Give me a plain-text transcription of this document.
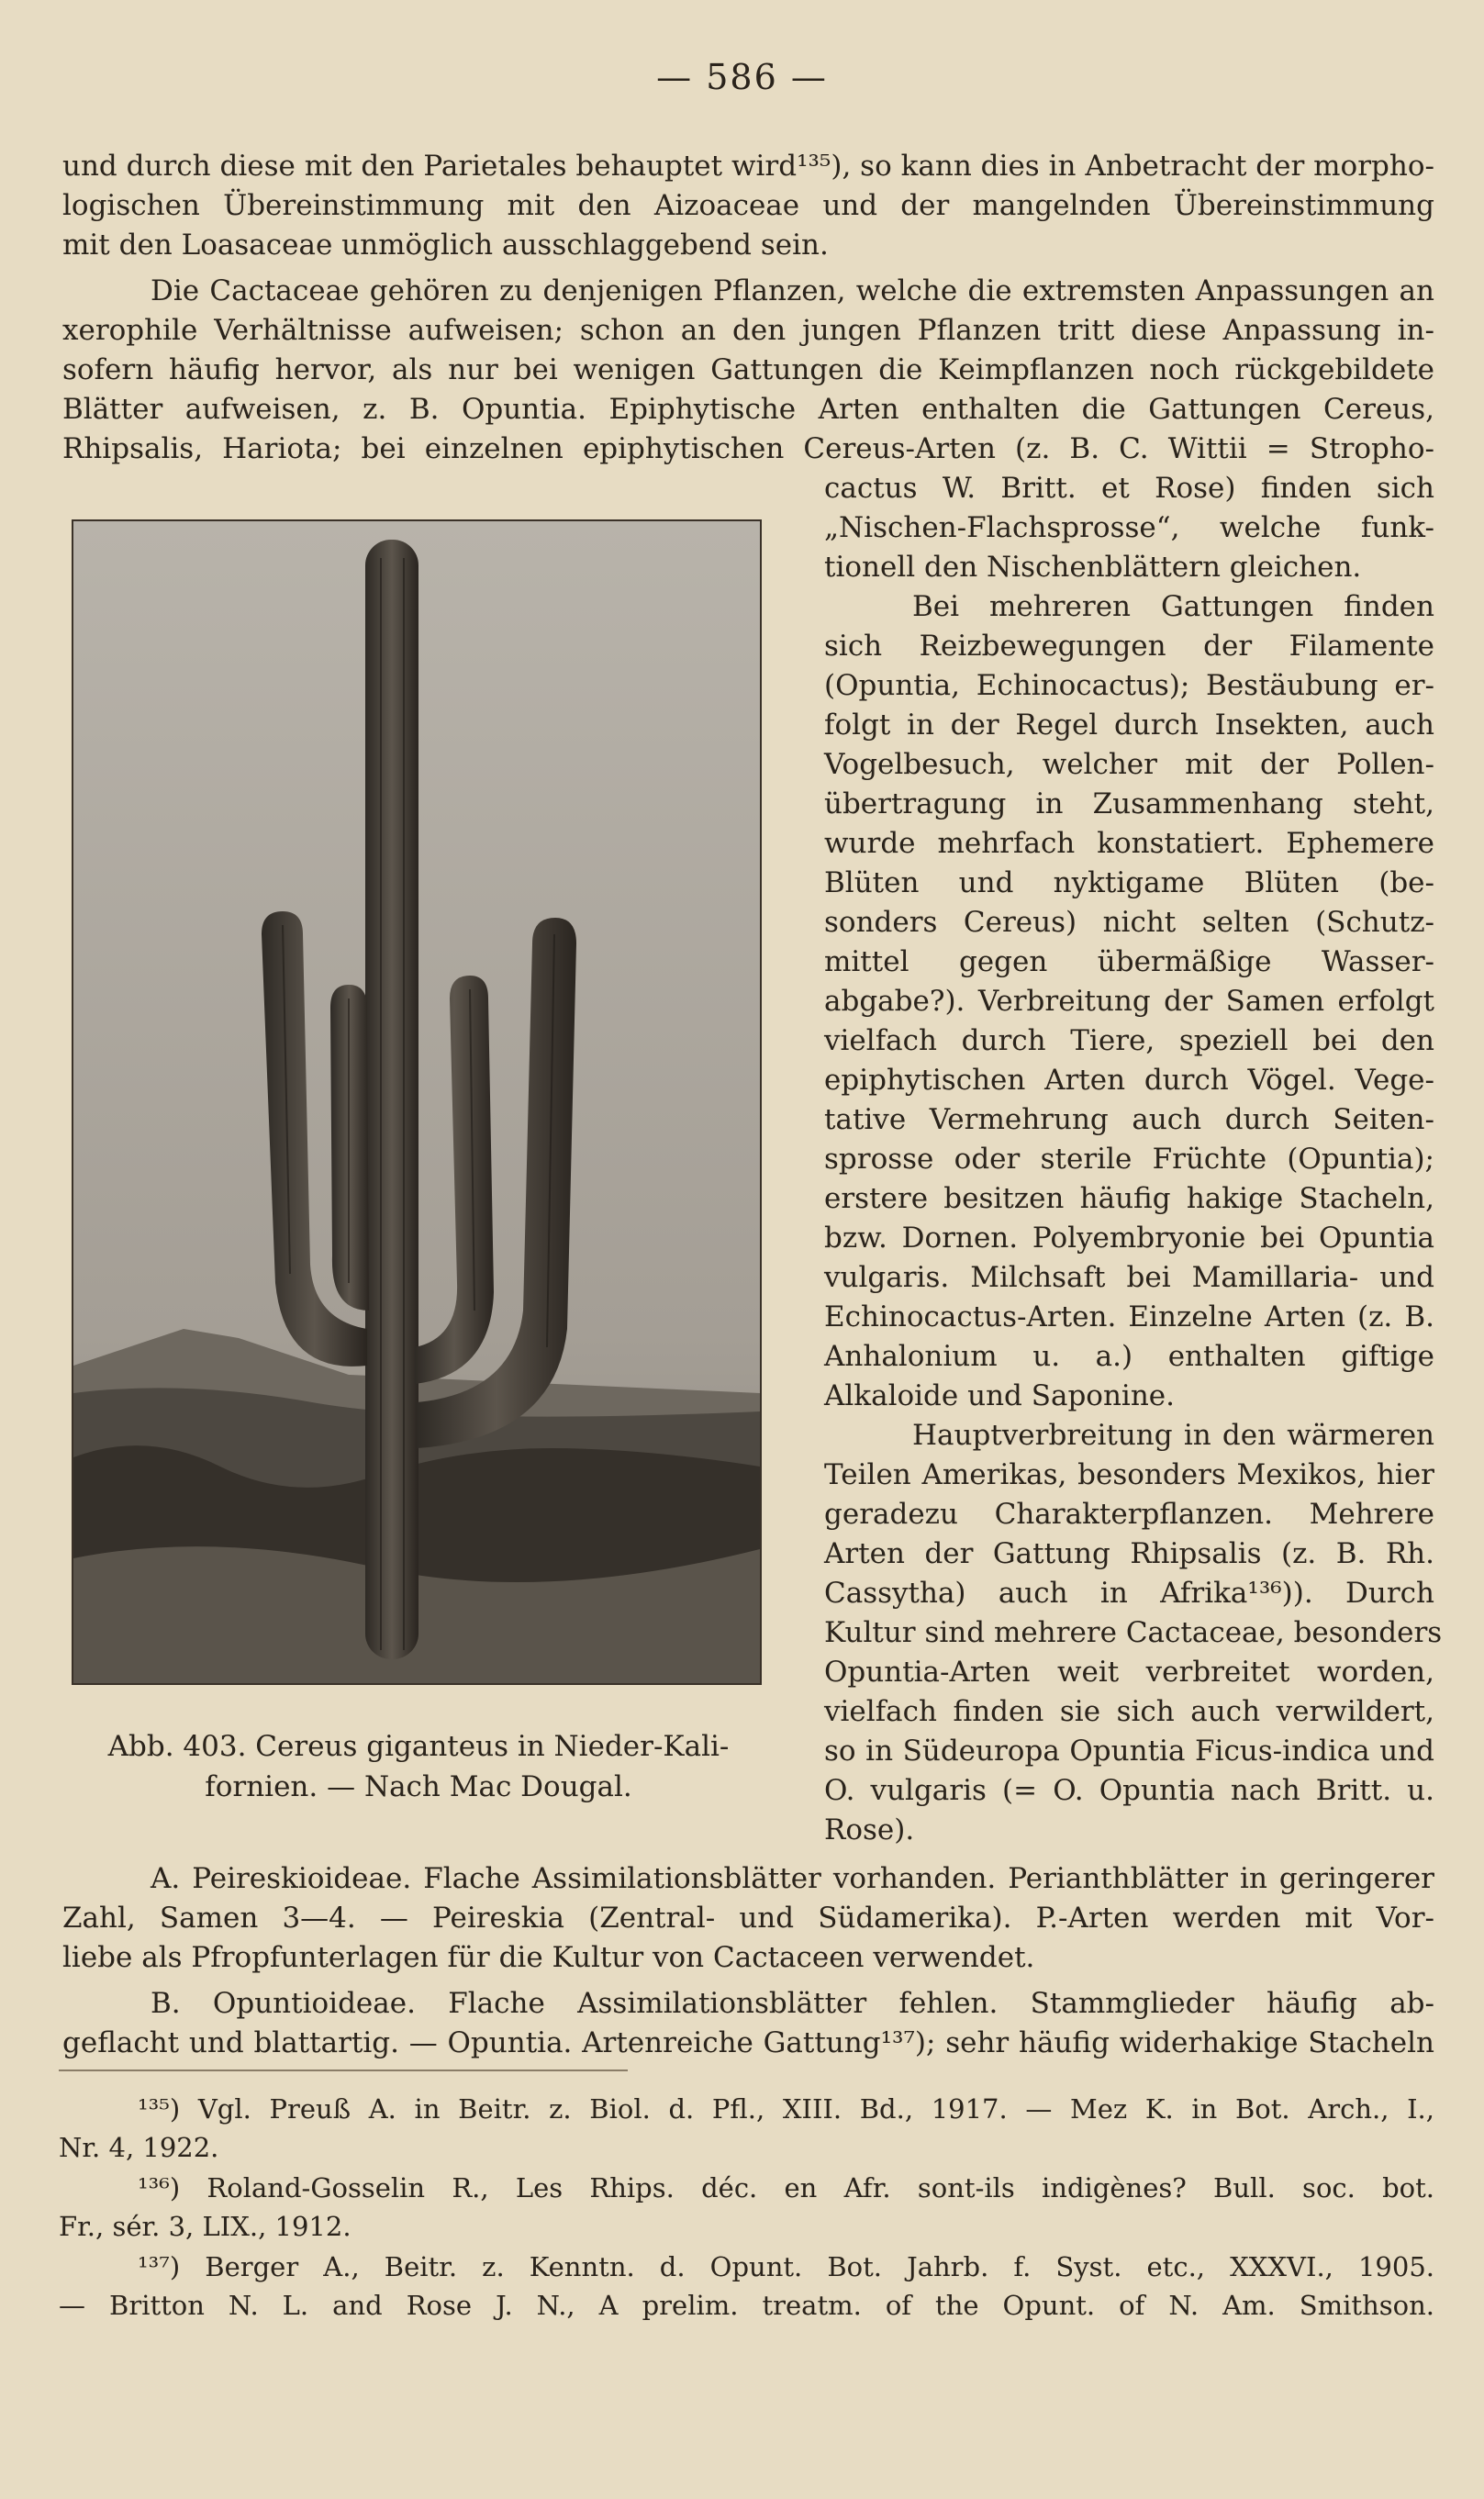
— 586 —
und durch diese mit den Parietales behauptet wird¹³⁵), so kann dies in Anbetracht der morpho-
logischen Übereinstimmung mit den Aizoaceae und der mangelnden Übereinstimmung
mit den Loasaceae unmöglich ausschlaggebend sein.
Die Cactaceae gehören zu denjenigen Pflanzen, welche die extremsten Anpassungen an
xerophile Verhältnisse aufweisen; schon an den jungen Pflanzen tritt diese Anpassung in-
sofern häufig hervor, als nur bei wenigen Gattungen die Keimpflanzen noch rückgebildete
Blätter aufweisen, z. B. Opuntia. Epiphytische Arten enthalten die Gattungen Cereus,
Rhipsalis, Hariota; bei einzelnen epiphytischen Cereus-Arten (z. B. C. Wittii = Stropho-
cactus W. Britt. et Rose) finden sich
„Nischen-Flachsprosse“, welche funk-
tionell den Nischenblättern gleichen.
Bei mehreren Gattungen finden
sich Reizbewegungen der Filamente
(Opuntia, Echinocactus); Bestäubung er-
folgt in der Regel durch Insekten, auch
Vogelbesuch, welcher mit der Pollen-
übertragung in Zusammenhang steht,
wurde mehrfach konstatiert. Ephemere
Blüten und nyktigame Blüten (be-
sonders Cereus) nicht selten (Schutz-
mittel gegen übermäßige Wasser-
abgabe?). Verbreitung der Samen erfolgt
vielfach durch Tiere, speziell bei den
epiphytischen Arten durch Vögel. Vege-
tative Vermehrung auch durch Seiten-
sprosse oder sterile Früchte (Opuntia);
erstere besitzen häufig hakige Stacheln,
bzw. Dornen. Polyembryonie bei Opuntia
vulgaris. Milchsaft bei Mamillaria- und
Echinocactus-Arten. Einzelne Arten (z. B.
Anhalonium u. a.) enthalten giftige
Alkaloide und Saponine.
Hauptverbreitung in den wärmeren
Teilen Amerikas, besonders Mexikos, hier
geradezu Charakterpflanzen. Mehrere
Arten der Gattung Rhipsalis (z. B. Rh.
Cassytha) auch in Afrika¹³⁶)). Durch
Kultur sind mehrere Cactaceae, besonders
Opuntia-Arten weit verbreitet worden,
vielfach finden sie sich auch verwildert,
so in Südeuropa Opuntia Ficus-indica und
O. vulgaris (= O. Opuntia nach Britt. u.
Rose).
Abb. 403. Cereus giganteus in Nieder-Kali-
fornien. — Nach Mac Dougal.
A. Peireskioideae. Flache Assimilationsblätter vorhanden. Perianthblätter in geringerer
Zahl, Samen 3—4. — Peireskia (Zentral- und Südamerika). P.-Arten werden mit Vor-
liebe als Pfropfunterlagen für die Kultur von Cactaceen verwendet.
B. Opuntioideae. Flache Assimilationsblätter fehlen. Stammglieder häufig ab-
geflacht und blattartig. — Opuntia. Artenreiche Gattung¹³⁷); sehr häufig widerhakige Stacheln
¹³⁵) Vgl. Preuß A. in Beitr. z. Biol. d. Pfl., XIII. Bd., 1917. — Mez K. in Bot. Arch., I.,
Nr. 4, 1922.
¹³⁶) Roland-Gosselin R., Les Rhips. déc. en Afr. sont-ils indigènes? Bull. soc. bot.
Fr., sér. 3, LIX., 1912.
¹³⁷) Berger A., Beitr. z. Kenntn. d. Opunt. Bot. Jahrb. f. Syst. etc., XXXVI., 1905.
— Britton N. L. and Rose J. N., A prelim. treatm. of the Opunt. of N. Am. Smithson.
